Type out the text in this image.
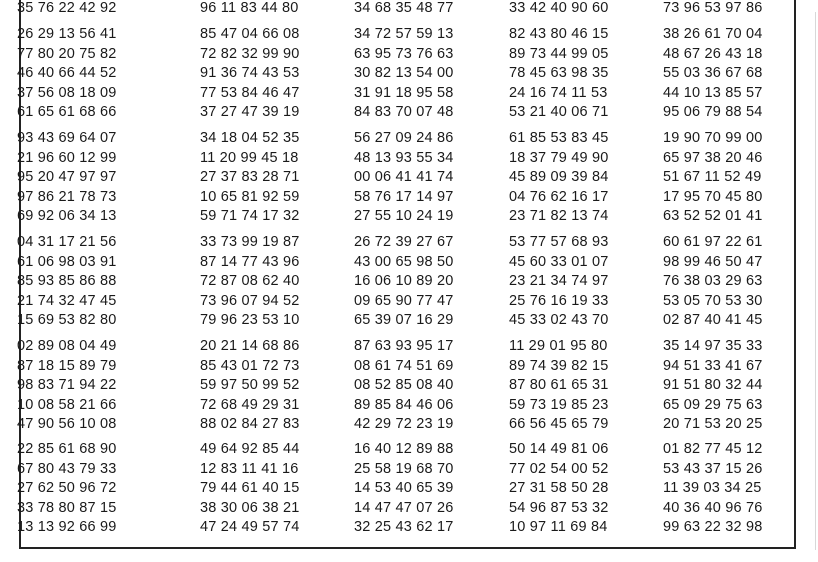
35 76 22 42 92	96 11 83 44 80	34 68 35 48 77	33 42 40 90 60	73 96 53 97 86
26 29 13 56 41	85 47 04 66 08	34 72 57 59 13	82 43 80 46 15	38 26 61 70 04
77 80 20 75 82	72 82 32 99 90	63 95 73 76 63	89 73 44 99 05	48 67 26 43 18
46 40 66 44 52	91 36 74 43 53	30 82 13 54 00	78 45 63 98 35	55 03 36 67 68
37 56 08 18 09	77 53 84 46 47	31 91 18 95 58	24 16 74 11 53	44 10 13 85 57
61 65 61 68 66	37 27 47 39 19	84 83 70 07 48	53 21 40 06 71	95 06 79 88 54
93 43 69 64 07	34 18 04 52 35	56 27 09 24 86	61 85 53 83 45	19 90 70 99 00
21 96 60 12 99	11 20 99 45 18	48 13 93 55 34	18 37 79 49 90	65 97 38 20 46
95 20 47 97 97	27 37 83 28 71	00 06 41 41 74	45 89 09 39 84	51 67 11 52 49
97 86 21 78 73	10 65 81 92 59	58 76 17 14 97	04 76 62 16 17	17 95 70 45 80
69 92 06 34 13	59 71 74 17 32	27 55 10 24 19	23 71 82 13 74	63 52 52 01 41
04 31 17 21 56	33 73 99 19 87	26 72 39 27 67	53 77 57 68 93	60 61 97 22 61
61 06 98 03 91	87 14 77 43 96	43 00 65 98 50	45 60 33 01 07	98 99 46 50 47
85 93 85 86 88	72 87 08 62 40	16 06 10 89 20	23 21 34 74 97	76 38 03 29 63
21 74 32 47 45	73 96 07 94 52	09 65 90 77 47	25 76 16 19 33	53 05 70 53 30
15 69 53 82 80	79 96 23 53 10	65 39 07 16 29	45 33 02 43 70	02 87 40 41 45
02 89 08 04 49	20 21 14 68 86	87 63 93 95 17	11 29 01 95 80	35 14 97 35 33
87 18 15 89 79	85 43 01 72 73	08 61 74 51 69	89 74 39 82 15	94 51 33 41 67
98 83 71 94 22	59 97 50 99 52	08 52 85 08 40	87 80 61 65 31	91 51 80 32 44
10 08 58 21 66	72 68 49 29 31	89 85 84 46 06	59 73 19 85 23	65 09 29 75 63
47 90 56 10 08	88 02 84 27 83	42 29 72 23 19	66 56 45 65 79	20 71 53 20 25
22 85 61 68 90	49 64 92 85 44	16 40 12 89 88	50 14 49 81 06	01 82 77 45 12
67 80 43 79 33	12 83 11 41 16	25 58 19 68 70	77 02 54 00 52	53 43 37 15 26
27 62 50 96 72	79 44 61 40 15	14 53 40 65 39	27 31 58 50 28	11 39 03 34 25
33 78 80 87 15	38 30 06 38 21	14 47 47 07 26	54 96 87 53 32	40 36 40 96 76
13 13 92 66 99	47 24 49 57 74	32 25 43 62 17	10 97 11 69 84	99 63 22 32 98
